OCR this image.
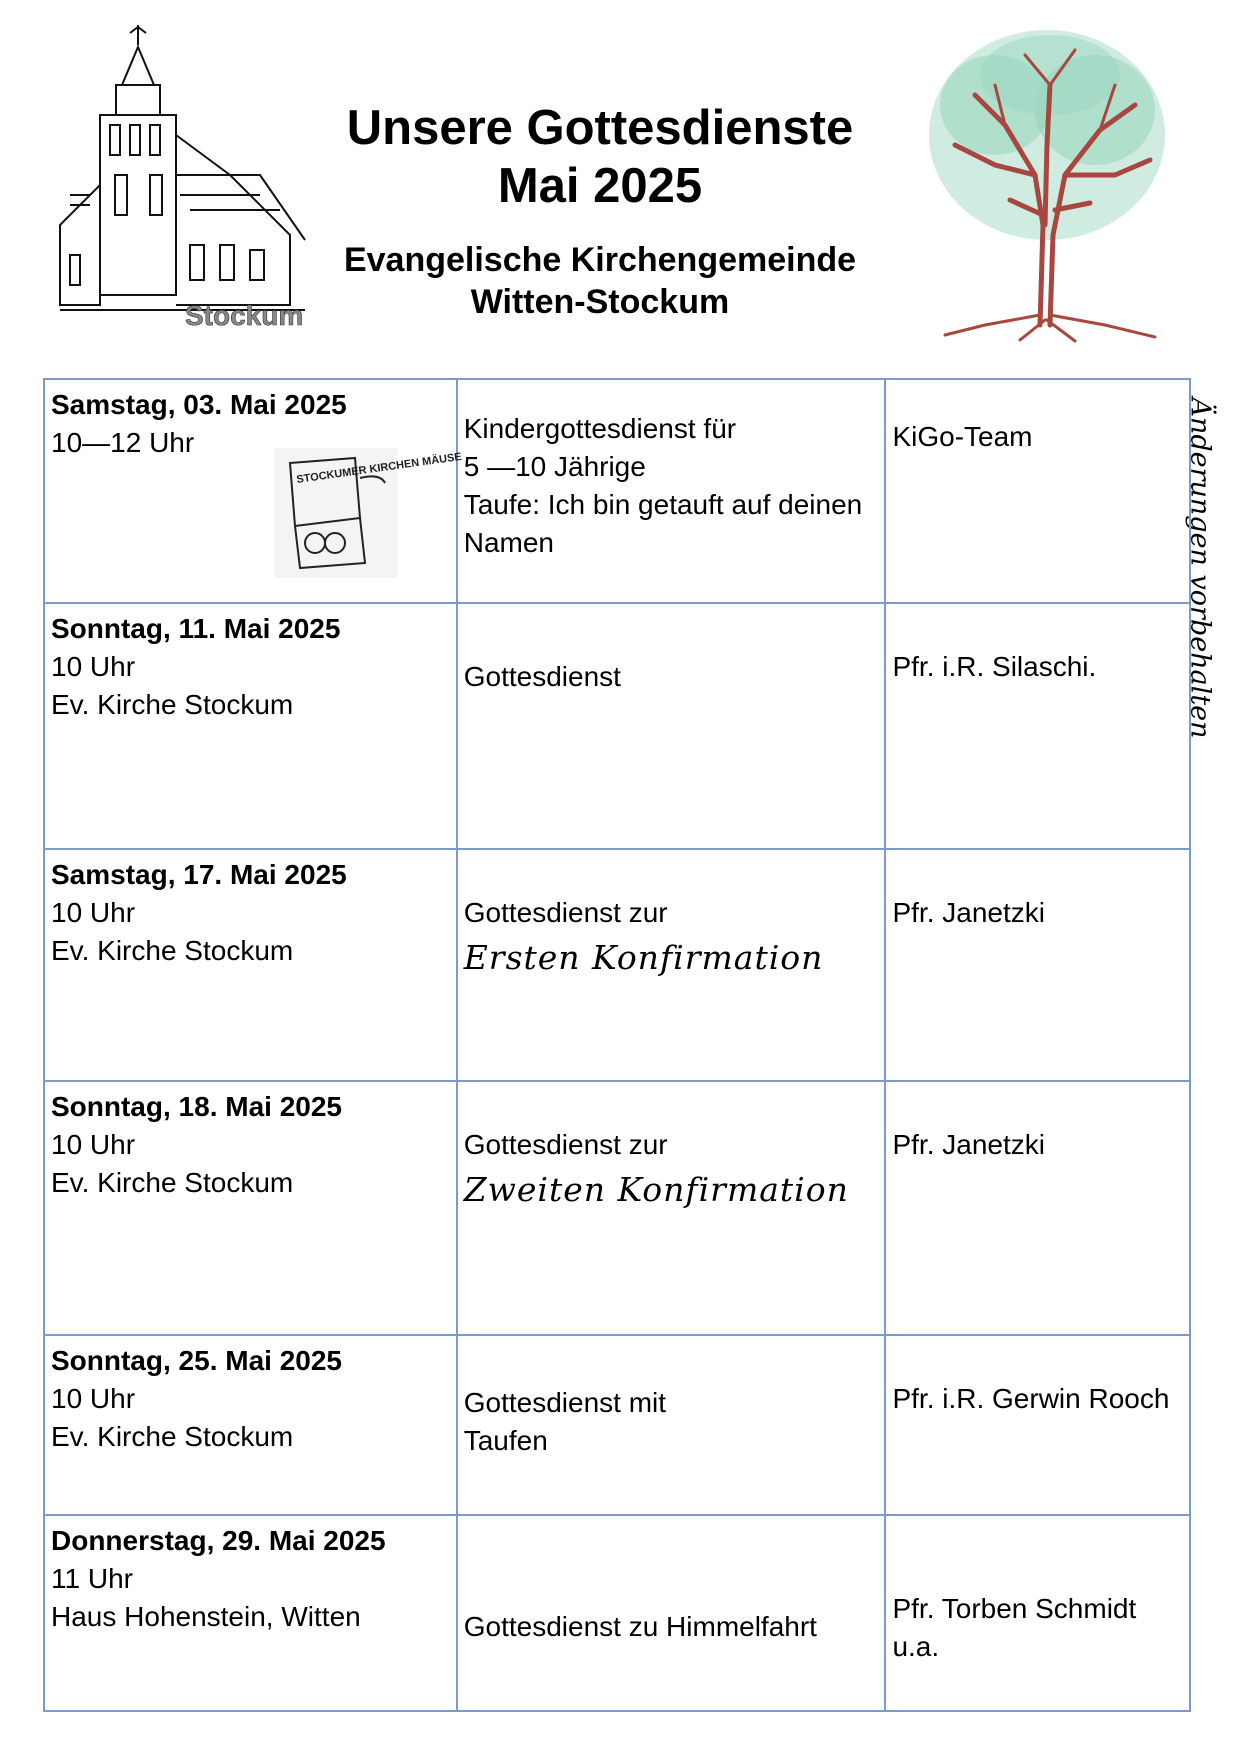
Stockum
Unsere Gottesdienste
Mai 2025
Evangelische Kirchengemeinde
Witten-Stockum
Änderungen vorbehalten
Samstag, 03. Mai 2025
10—12 Uhr
STOCKUMER KIRCHEN MÄUSE	Kindergottesdienst für
5 —10 Jährige
Taufe: Ich bin getauft auf deinen
Namen	KiGo-Team

Sonntag, 11. Mai 2025
10 Uhr
Ev. Kirche Stockum	Gottesdienst	Pfr. i.R. Silaschi.

Samstag, 17. Mai 2025
10 Uhr
Ev. Kirche Stockum	Gottesdienst zur
Ersten Konfirmation	Pfr. Janetzki

Sonntag, 18. Mai 2025
10 Uhr
Ev. Kirche Stockum	Gottesdienst zur
Zweiten Konfirmation	Pfr. Janetzki

Sonntag, 25. Mai 2025
10 Uhr
Ev. Kirche Stockum	Gottesdienst mit
Taufen	Pfr. i.R. Gerwin Rooch

Donnerstag, 29. Mai 2025
11 Uhr
Haus Hohenstein, Witten	Gottesdienst zu Himmelfahrt	Pfr. Torben Schmidt
u.a.
